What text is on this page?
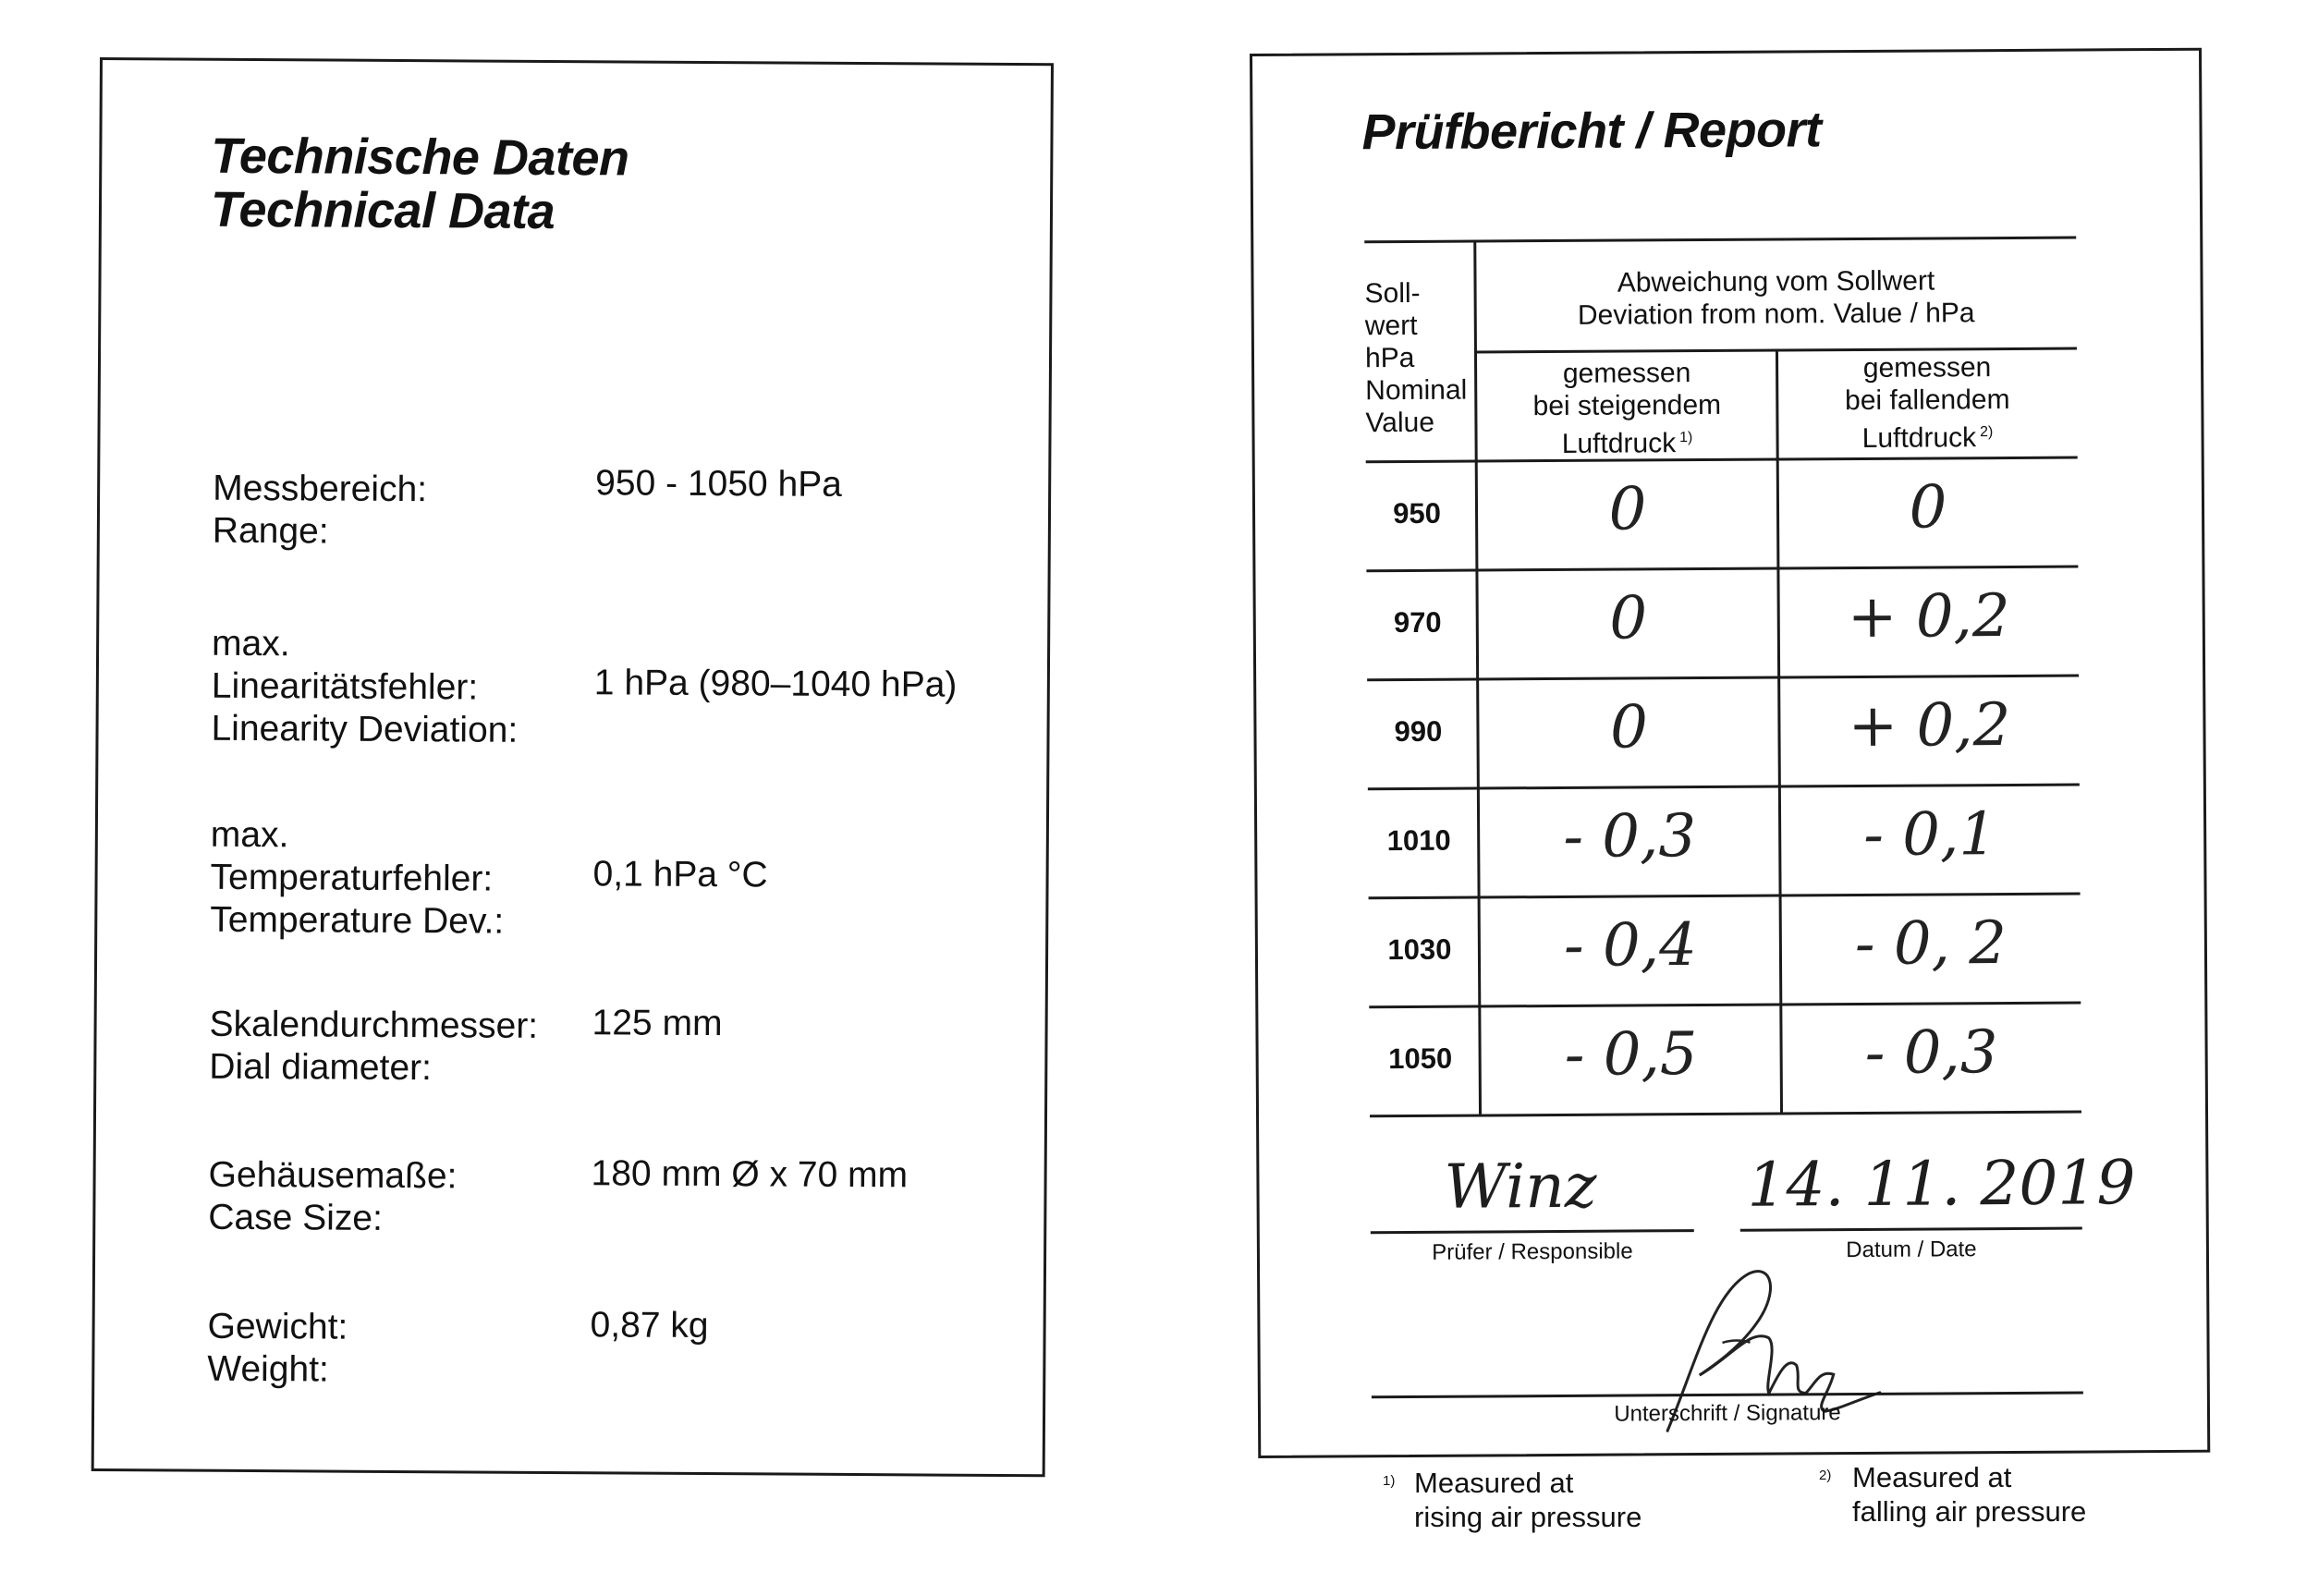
Technische Daten
Technical Data
Messbereich:
Range:
950 - 1050 hPa
max.
Linearitätsfehler:
Linearity Deviation:
1 hPa (980–1040 hPa)
max.
Temperaturfehler:
Temperature Dev.:
0,1 hPa °C
Skalendurchmesser:
Dial diameter:
125 mm
Gehäusemaße:
Case Size:
180 mm Ø x 70 mm
Gewicht:
Weight:
0,87 kg
Prüfbericht / Report
Soll-
wert
hPa
Nominal
Value
Abweichung vom Sollwert
Deviation from nom. Value / hPa
gemessen
bei steigendem
Luftdruck $^{1)}$
gemessen
bei fallendem
Luftdruck $^{2)}$
950	0	0
970	0	+ 0,2
990	0	+ 0,2
1010	- 0,3	- 0,1
1030	- 0,4	- 0, 2
1050	- 0,5	- 0,3
Winz
Prüfer / Responsible
14. 11. 2019
Datum / Date
Unterschrift / Signature
1) Measured at
rising air pressure
2) Measured at
falling air pressure
